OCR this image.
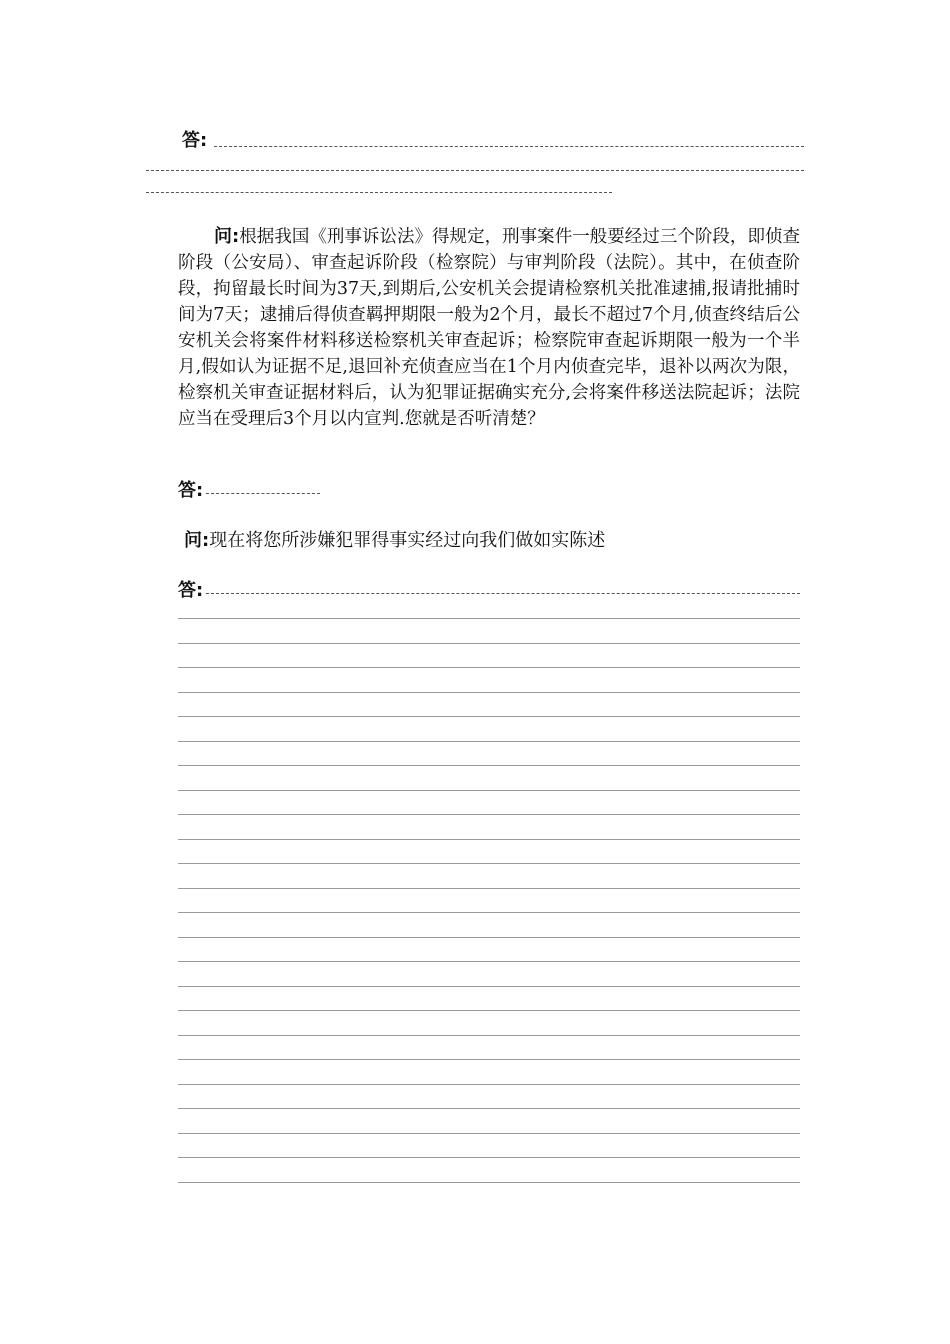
答:

问:根据我国《刑事诉讼法》得规定，刑事案件一般要经过三个阶段，即侦查阶段（公安局）、审查起诉阶段（检察院）与审判阶段（法院）。其中，在侦查阶段，拘留最长时间为37天,到期后,公安机关会提请检察机关批准逮捕,报请批捕时间为7天；逮捕后得侦查羁押期限一般为2个月，最长不超过7个月,侦查终结后公安机关会将案件材料移送检察机关审查起诉；检察院审查起诉期限一般为一个半月,假如认为证据不足,退回补充侦查应当在1个月内侦查完毕，退补以两次为限，检察机关审查证据材料后，认为犯罪证据确实充分,会将案件移送法院起诉；法院应当在受理后3个月以内宣判.您就是否听清楚？

答:
问:现在将您所涉嫌犯罪得事实经过向我们做如实陈述
答:
